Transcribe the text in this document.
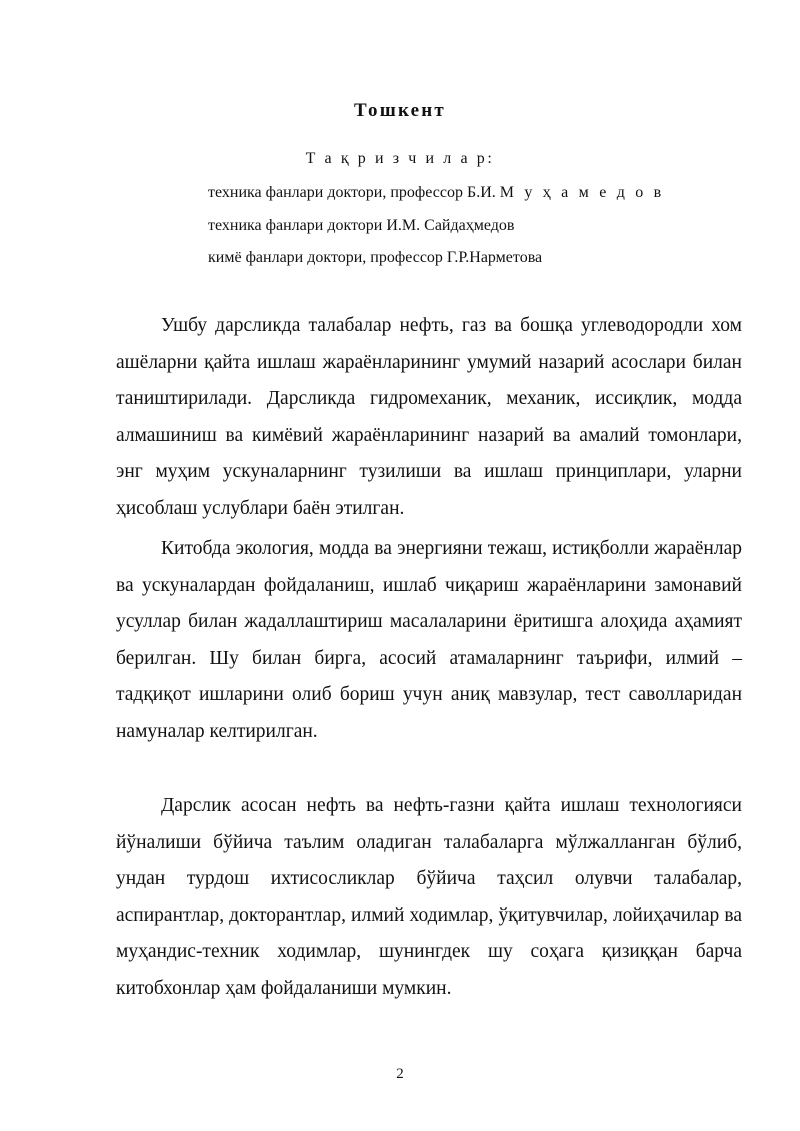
Тошкент
Т а қ р и з ч и л а р:
техника фанлари доктори, профессор Б.И. М у ҳ а м е д о в
техника фанлари доктори И.М. Сайдаҳмедов
кимё фанлари доктори, профессор Г.Р.Нарметова

Ушбу дарсликда талабалар нефть, газ ва бошқа углеводородли хом ашёларни қайта ишлаш жараёнларининг умумий назарий асослари билан таништирилади. Дарсликда гидромеханик, механик, иссиқлик, модда алмашиниш ва кимёвий жараёнларининг назарий ва амалий томонлари, энг муҳим ускуналарнинг тузилиши ва ишлаш принциплари, уларни ҳисоблаш услублари баён этилган.

Китобда экология, модда ва энергияни тежаш, истиқболли жараёнлар ва ускуналардан фойдаланиш, ишлаб чиқариш жараёнларини замонавий усуллар билан жадаллаштириш масалаларини ёритишга алоҳида аҳамият берилган. Шу билан бирга, асосий атамаларнинг таърифи, илмий – тадқиқот ишларини олиб бориш учун аниқ мавзулар, тест саволларидан намуналар келтирилган.

Дарслик асосан нефть ва нефть-газни қайта ишлаш технологияси йўналиши бўйича таълим оладиган талабаларга мўлжалланган бўлиб, ундан турдош ихтисосликлар бўйича таҳсил олувчи талабалар, аспирантлар, докторантлар, илмий ходимлар, ўқитувчилар, лойиҳачилар ва муҳандис-техник ходимлар, шунингдек шу соҳага қизиққан барча китобхонлар ҳам фойдаланиши мумкин.

2
